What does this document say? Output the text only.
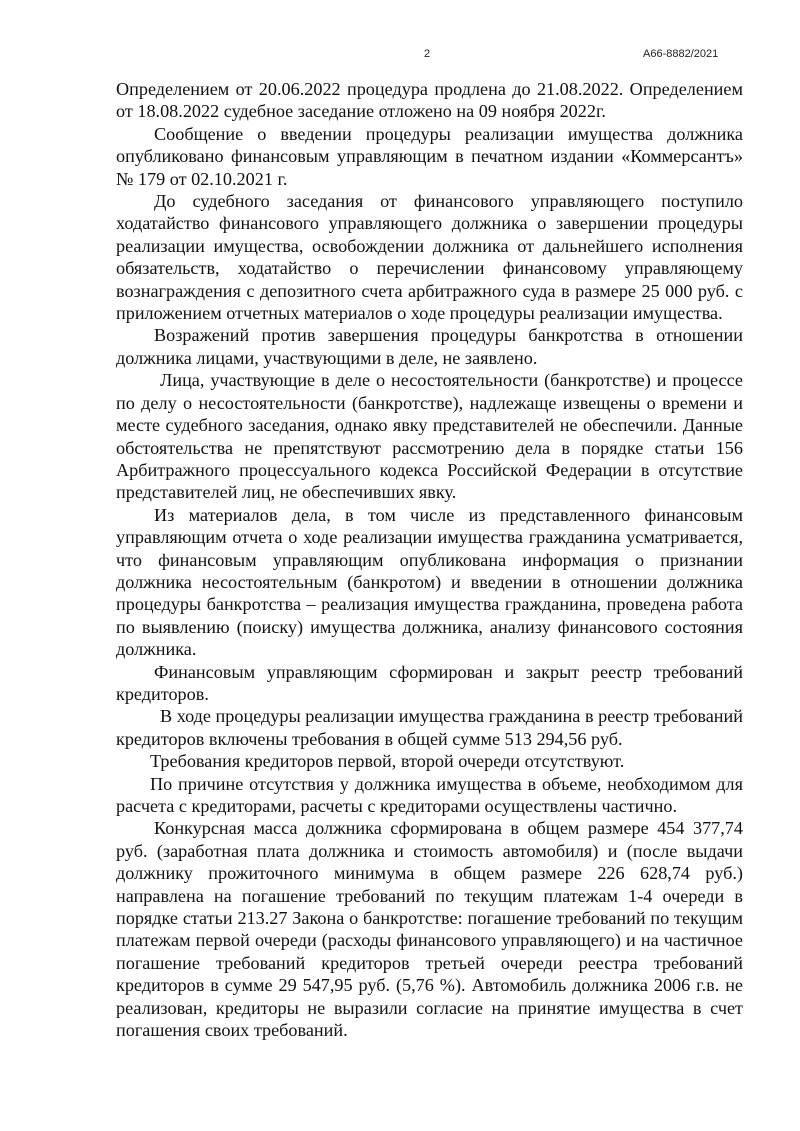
2	А66-8882/2021

Определением от 20.06.2022 процедура продлена до 21.08.2022. Определением от 18.08.2022 судебное заседание отложено на 09 ноября 2022г.

Сообщение о введении процедуры реализации имущества должника опубликовано финансовым управляющим в печатном издании «Коммерсантъ» № 179 от 02.10.2021 г.

До судебного заседания от финансового управляющего поступило ходатайство финансового управляющего должника о завершении процедуры реализации имущества, освобождении должника от дальнейшего исполнения обязательств, ходатайство о перечислении финансовому управляющему вознаграждения с депозитного счета арбитражного суда в размере 25 000 руб. с приложением отчетных материалов о ходе процедуры реализации имущества.

Возражений против завершения процедуры банкротства в отношении должника лицами, участвующими в деле, не заявлено.

Лица, участвующие в деле о несостоятельности (банкротстве) и процессе по делу о несостоятельности (банкротстве), надлежаще извещены о времени и месте судебного заседания, однако явку представителей не обеспечили. Данные обстоятельства не препятствуют рассмотрению дела в порядке статьи 156 Арбитражного процессуального кодекса Российской Федерации в отсутствие представителей лиц, не обеспечивших явку.

Из материалов дела, в том числе из представленного финансовым управляющим отчета о ходе реализации имущества гражданина усматривается, что финансовым управляющим опубликована информация о признании должника несостоятельным (банкротом) и введении в отношении должника процедуры банкротства – реализация имущества гражданина, проведена работа по выявлению (поиску) имущества должника, анализу финансового состояния должника.

Финансовым управляющим сформирован и закрыт реестр требований кредиторов.

В ходе процедуры реализации имущества гражданина в реестр требований кредиторов включены требования в общей сумме 513 294,56 руб.

Требования кредиторов первой, второй очереди отсутствуют.

По причине отсутствия у должника имущества в объеме, необходимом для расчета с кредиторами, расчеты с кредиторами осуществлены частично.

Конкурсная масса должника сформирована в общем размере 454 377,74 руб. (заработная плата должника и стоимость автомобиля) и (после выдачи должнику прожиточного минимума в общем размере 226 628,74 руб.) направлена на погашение требований по текущим платежам 1-4 очереди в порядке статьи 213.27 Закона о банкротстве: погашение требований по текущим платежам первой очереди (расходы финансового управляющего) и на частичное погашение требований кредиторов третьей очереди реестра требований кредиторов в сумме 29 547,95 руб. (5,76 %). Автомобиль должника 2006 г.в. не реализован, кредиторы не выразили согласие на принятие имущества в счет погашения своих требований.
